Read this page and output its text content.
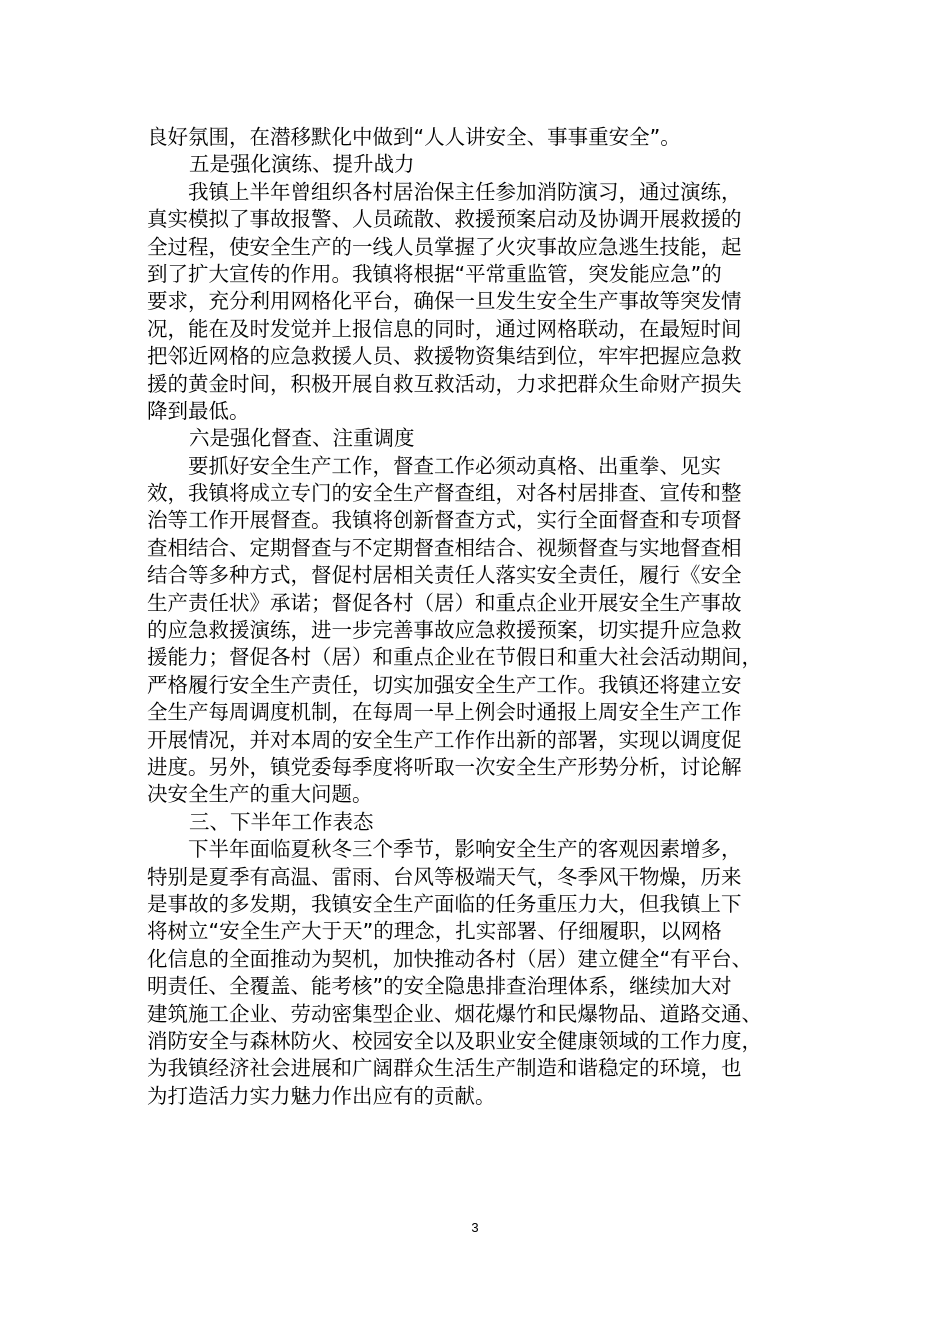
良好氛围，在潜移默化中做到“人人讲安全、事事重安全”。
五是强化演练、提升战力
　　我镇上半年曾组织各村居治保主任参加消防演习，通过演练，
真实模拟了事故报警、人员疏散、救援预案启动及协调开展救援的
全过程，使安全生产的一线人员掌握了火灾事故应急逃生技能，起
到了扩大宣传的作用。我镇将根据“平常重监管，突发能应急”的
要求，充分利用网格化平台，确保一旦发生安全生产事故等突发情
况，能在及时发觉并上报信息的同时，通过网格联动，在最短时间
把邻近网格的应急救援人员、救援物资集结到位，牢牢把握应急救
援的黄金时间，积极开展自救互救活动，力求把群众生命财产损失
降到最低。
六是强化督查、注重调度
　　要抓好安全生产工作，督查工作必须动真格、出重拳、见实
效，我镇将成立专门的安全生产督查组，对各村居排查、宣传和整
治等工作开展督查。我镇将创新督查方式，实行全面督查和专项督
查相结合、定期督查与不定期督查相结合、视频督查与实地督查相
结合等多种方式，督促村居相关责任人落实安全责任，履行《安全
生产责任状》承诺；督促各村（居）和重点企业开展安全生产事故
的应急救援演练，进一步完善事故应急救援预案，切实提升应急救
援能力；督促各村（居）和重点企业在节假日和重大社会活动期间，
严格履行安全生产责任，切实加强安全生产工作。我镇还将建立安
全生产每周调度机制，在每周一早上例会时通报上周安全生产工作
开展情况，并对本周的安全生产工作作出新的部署，实现以调度促
进度。另外，镇党委每季度将听取一次安全生产形势分析，讨论解
决安全生产的重大问题。
三、下半年工作表态
　　下半年面临夏秋冬三个季节，影响安全生产的客观因素增多，
特别是夏季有高温、雷雨、台风等极端天气，冬季风干物燥，历来
是事故的多发期，我镇安全生产面临的任务重压力大，但我镇上下
将树立“安全生产大于天”的理念，扎实部署、仔细履职，以网格
化信息的全面推动为契机，加快推动各村（居）建立健全“有平台、
明责任、全覆盖、能考核”的安全隐患排查治理体系，继续加大对
建筑施工企业、劳动密集型企业、烟花爆竹和民爆物品、道路交通、
消防安全与森林防火、校园安全以及职业安全健康领域的工作力度，
为我镇经济社会进展和广阔群众生活生产制造和谐稳定的环境，也
为打造活力实力魅力作出应有的贡献。
3
